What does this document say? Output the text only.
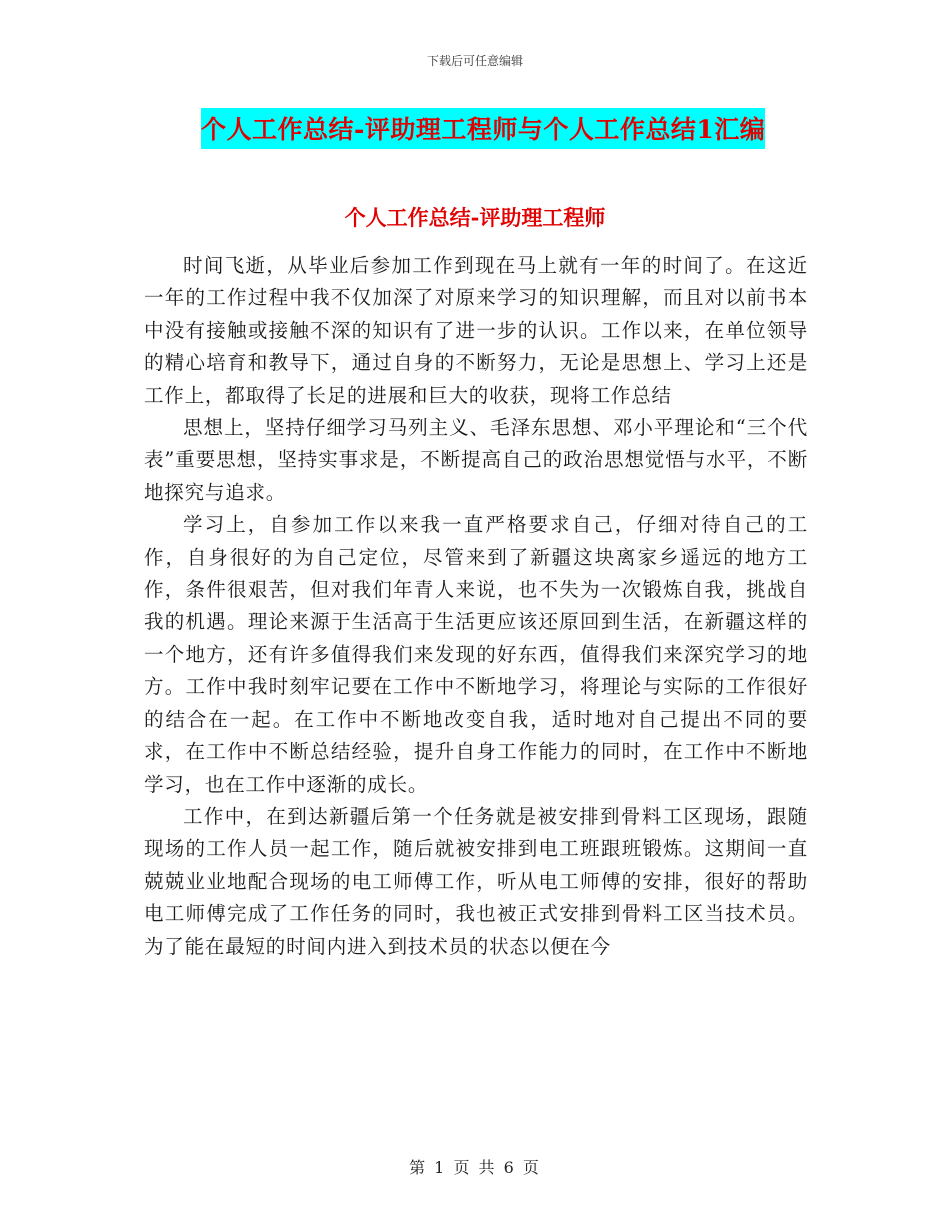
下载后可任意编辑
个人工作总结-评助理工程师与个人工作总结1汇编
个人工作总结-评助理工程师

时间飞逝，从毕业后参加工作到现在马上就有一年的时间了。在这近一年的工作过程中我不仅加深了对原来学习的知识理解，而且对以前书本中没有接触或接触不深的知识有了进一步的认识。工作以来，在单位领导的精心培育和教导下，通过自身的不断努力，无论是思想上、学习上还是工作上，都取得了长足的进展和巨大的收获，现将工作总结

思想上，坚持仔细学习马列主义、毛泽东思想、邓小平理论和“三个代表”重要思想，坚持实事求是，不断提高自己的政治思想觉悟与水平，不断地探究与追求。

学习上，自参加工作以来我一直严格要求自己，仔细对待自己的工作，自身很好的为自己定位，尽管来到了新疆这块离家乡遥远的地方工作，条件很艰苦，但对我们年青人来说，也不失为一次锻炼自我，挑战自我的机遇。理论来源于生活高于生活更应该还原回到生活，在新疆这样的一个地方，还有许多值得我们来发现的好东西，值得我们来深究学习的地方。工作中我时刻牢记要在工作中不断地学习，将理论与实际的工作很好的结合在一起。在工作中不断地改变自我，适时地对自己提出不同的要求，在工作中不断总结经验，提升自身工作能力的同时，在工作中不断地学习，也在工作中逐渐的成长。

工作中，在到达新疆后第一个任务就是被安排到骨料工区现场，跟随现场的工作人员一起工作，随后就被安排到电工班跟班锻炼。这期间一直兢兢业业地配合现场的电工师傅工作，听从电工师傅的安排，很好的帮助电工师傅完成了工作任务的同时，我也被正式安排到骨料工区当技术员。为了能在最短的时间内进入到技术员的状态以便在今

第 1 页 共 6 页
